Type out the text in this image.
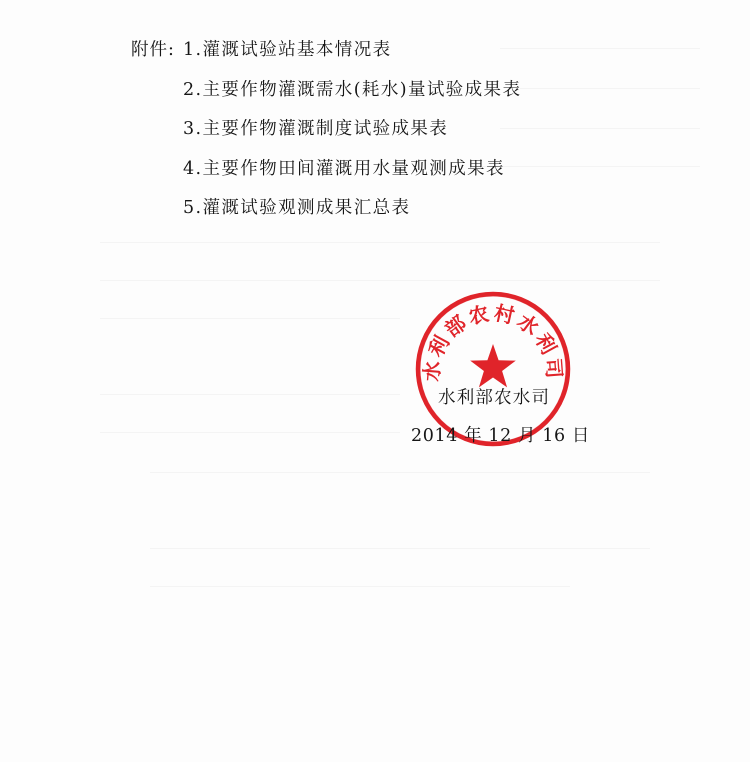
附件: 1.灌溉试验站基本情况表
2.主要作物灌溉需水(耗水)量试验成果表
3.主要作物灌溉制度试验成果表
4.主要作物田间灌溉用水量观测成果表
5.灌溉试验观测成果汇总表
水利部农村水利司
水利部农水司
2014 年 12 月 16 日
